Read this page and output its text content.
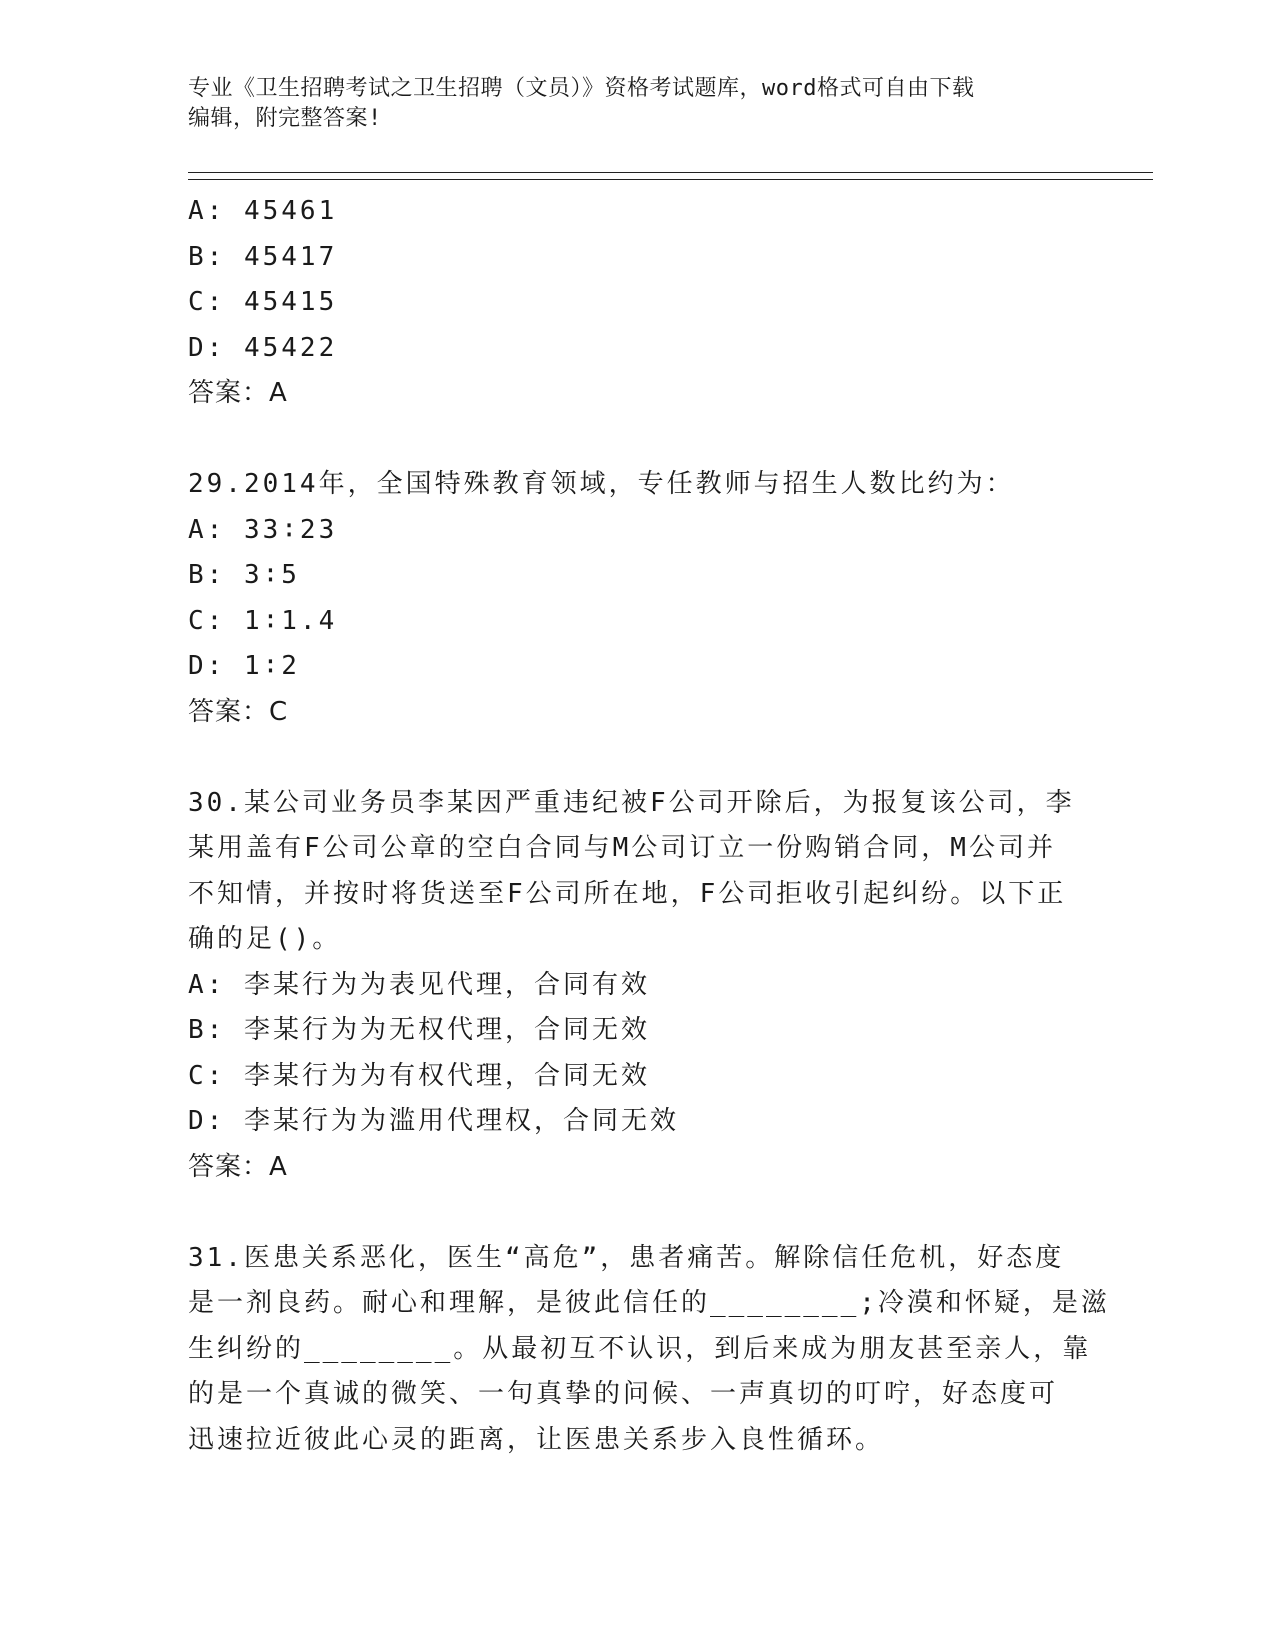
专业《卫生招聘考试之卫生招聘（文员）》资格考试题库，word格式可自由下载
编辑，附完整答案!
A: 45461
B: 45417
C: 45415
D: 45422
答案：A
29.2014年，全国特殊教育领域，专任教师与招生人数比约为：
A: 33∶23
B: 3∶5
C: 1∶1.4
D: 1∶2
答案：C
30.某公司业务员李某因严重违纪被F公司开除后，为报复该公司，李
某用盖有F公司公章的空白合同与M公司订立一份购销合同，M公司并
不知情，并按时将货送至F公司所在地，F公司拒收引起纠纷。以下正
确的足()。
A: 李某行为为表见代理，合同有效
B: 李某行为为无权代理，合同无效
C: 李某行为为有权代理，合同无效
D: 李某行为为滥用代理权，合同无效
答案：A
31.医患关系恶化，医生“高危”，患者痛苦。解除信任危机，好态度
是一剂良药。耐心和理解，是彼此信任的________;冷漠和怀疑，是滋
生纠纷的________。从最初互不认识，到后来成为朋友甚至亲人，靠
的是一个真诚的微笑、一句真挚的问候、一声真切的叮咛，好态度可
迅速拉近彼此心灵的距离，让医患关系步入良性循环。
